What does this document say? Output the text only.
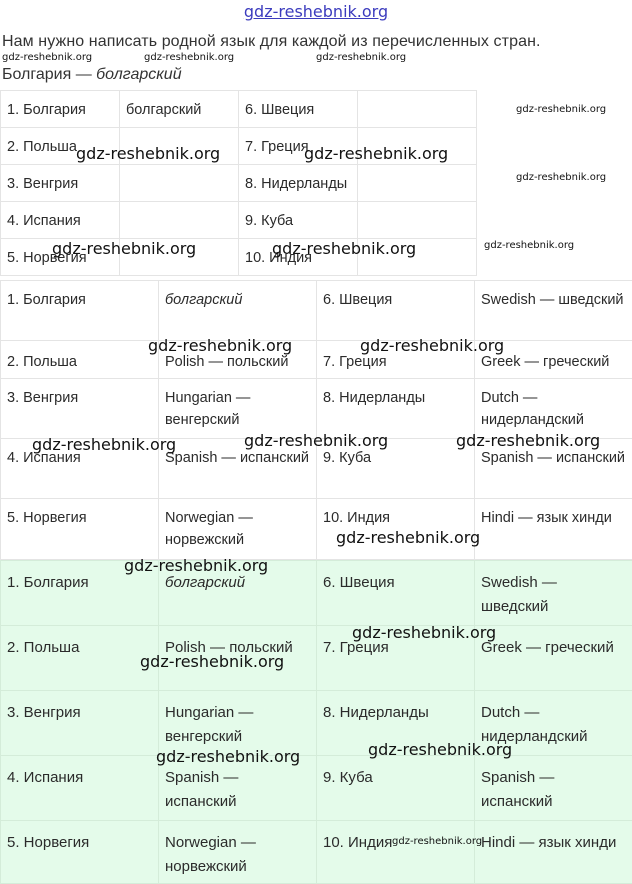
gdz-reshebnik.org
Нам нужно написать родной язык для каждой из перечисленных стран.
Болгария — болгарский
1. Болгария	болгарский	6. Швеция	
2. Польша		7. Греция	
3. Венгрия		8. Нидерланды	
4. Испания		9. Куба	
5. Норвегия		10. Индия	
1. Болгария	болгарский	6. Швеция	Swedish — шведский
2. Польша	Polish — польский	7. Греция	Greek — греческий
3. Венгрия	Hungarian — венгерский	8. Нидерланды	Dutch — нидерландский
4. Испания	Spanish — испанский	9. Куба	Spanish — испанский
5. Норвегия	Norwegian — норвежский	10. Индия	Hindi — язык хинди
1. Болгария	болгарский	6. Швеция	Swedish — шведский
2. Польша	Polish — польский	7. Греция	Greek — греческий
3. Венгрия	Hungarian — венгерский	8. Нидерланды	Dutch — нидерландский
4. Испания	Spanish — испанский	9. Куба	Spanish — испанский
5. Норвегия	Norwegian — норвежский	10. Индия	Hindi — язык хинди
gdz-reshebnik.org	gdz-reshebnik.org	gdz-reshebnik.org
gdz-reshebnik.org
gdz-reshebnik.org
gdz-reshebnik.org
gdz-reshebnik.org	gdz-reshebnik.org
gdz-reshebnik.org	gdz-reshebnik.org
gdz-reshebnik.org	gdz-reshebnik.org
gdz-reshebnik.org	gdz-reshebnik.org	gdz-reshebnik.org
gdz-reshebnik.org
gdz-reshebnik.org
gdz-reshebnik.org
gdz-reshebnik.org
gdz-reshebnik.org
gdz-reshebnik.org
gdz-reshebnik.org
